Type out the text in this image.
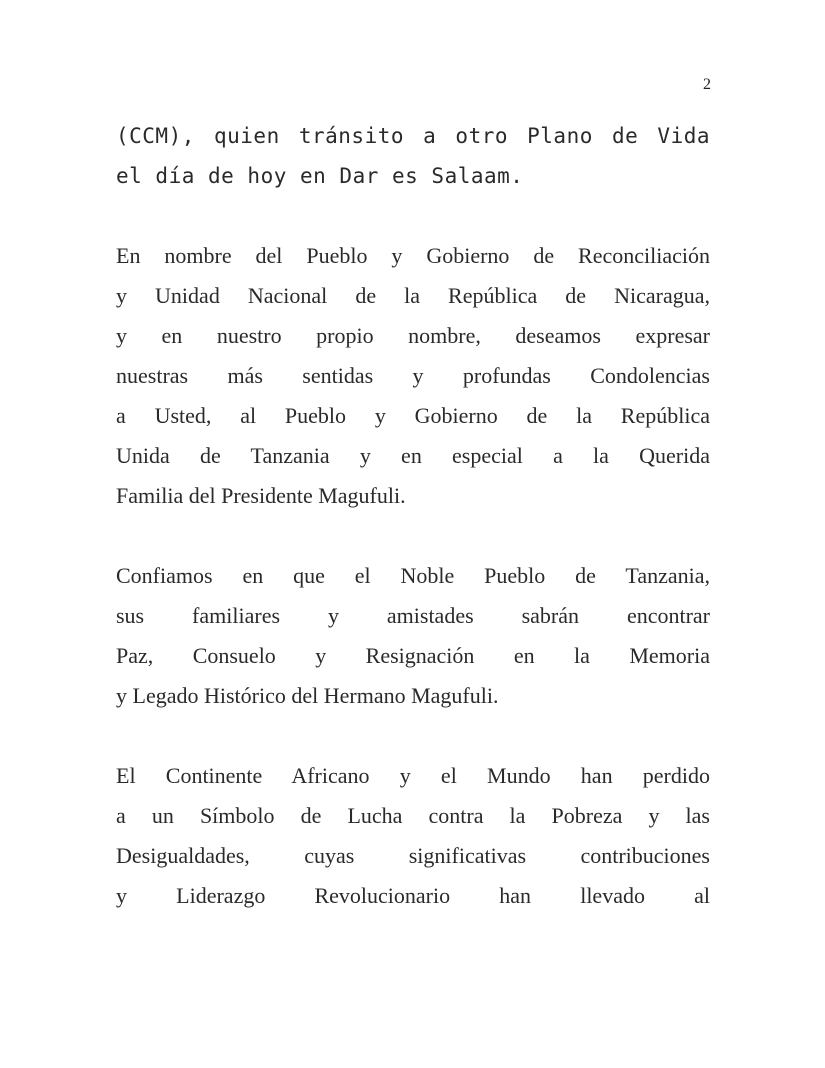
2
(CCM), quien tránsito a otro Plano de Vida
el día de hoy en Dar es Salaam.
En nombre del Pueblo y Gobierno de Reconciliación
y Unidad Nacional de la República de Nicaragua,
y en nuestro propio nombre, deseamos expresar
nuestras más sentidas y profundas Condolencias
a Usted, al Pueblo y Gobierno de la República
Unida de Tanzania y en especial a la Querida
Familia del Presidente Magufuli.
Confiamos en que el Noble Pueblo de Tanzania,
sus familiares y amistades sabrán encontrar
Paz, Consuelo y Resignación en la Memoria
y Legado Histórico del Hermano Magufuli.
El Continente Africano y el Mundo han perdido
a un Símbolo de Lucha contra la Pobreza y las
Desigualdades, cuyas significativas contribuciones
y Liderazgo Revolucionario han llevado al
